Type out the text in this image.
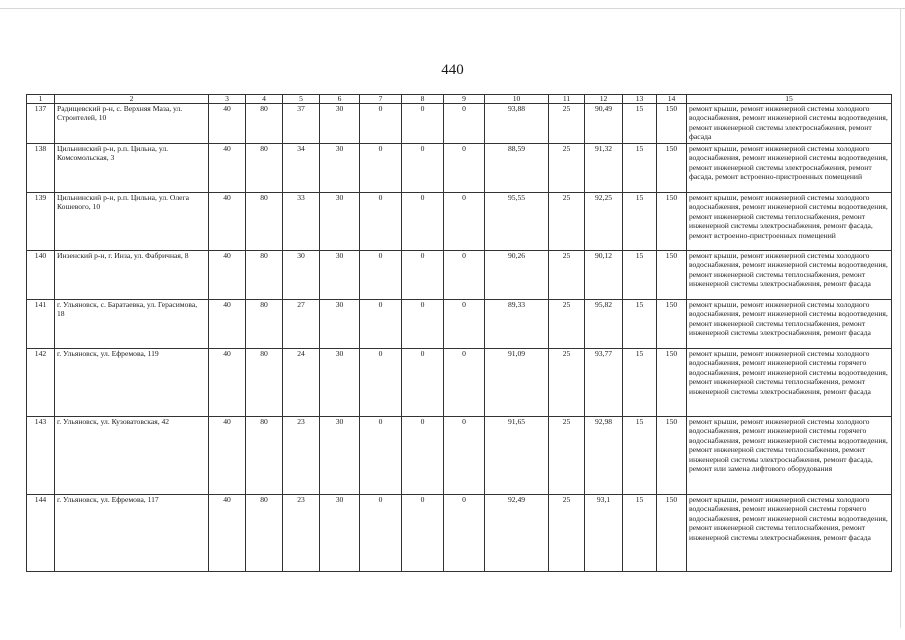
440
1	2	3	4	5	6	7	8	9	10	11	12	13	14	15
137	Радищевский р-н, с. Верхняя Маза, ул. Строителей, 10	40	80	37	30	0	0	0	93,88	25	90,49	15	150	ремонт крыши, ремонт инженерной системы холодного водоснабжения, ремонт инженерной системы водоотведения, ремонт инженерной системы электроснабжения, ремонт фасада
138	Цильнинский р-н, р.п. Цильна, ул. Комсомольская, 3	40	80	34	30	0	0	0	88,59	25	91,32	15	150	ремонт крыши, ремонт инженерной системы холодного водоснабжения, ремонт инженерной системы водоотведения, ремонт инженерной системы электроснабжения, ремонт фасада, ремонт встроенно-пристроенных помещений
139	Цильнинский р-н, р.п. Цильна, ул. Олега Кошевого, 10	40	80	33	30	0	0	0	95,55	25	92,25	15	150	ремонт крыши, ремонт инженерной системы холодного водоснабжения, ремонт инженерной системы водоотведения, ремонт инженерной системы теплоснабжения, ремонт инженерной системы электроснабжения, ремонт фасада, ремонт встроенно-пристроенных помещений
140	Инзенский р-н, г. Инза, ул. Фабричная, 8	40	80	30	30	0	0	0	90,26	25	90,12	15	150	ремонт крыши, ремонт инженерной системы холодного водоснабжения, ремонт инженерной системы водоотведения, ремонт инженерной системы теплоснабжения, ремонт инженерной системы электроснабжения, ремонт фасада
141	г. Ульяновск, с. Баратаевка, ул. Герасимова, 18	40	80	27	30	0	0	0	89,33	25	95,82	15	150	ремонт крыши, ремонт инженерной системы холодного водоснабжения, ремонт инженерной системы водоотведения, ремонт инженерной системы теплоснабжения, ремонт инженерной системы электроснабжения, ремонт фасада
142	г. Ульяновск, ул. Ефремова, 119	40	80	24	30	0	0	0	91,09	25	93,77	15	150	ремонт крыши, ремонт инженерной системы холодного водоснабжения, ремонт инженерной системы горячего водоснабжения, ремонт инженерной системы водоотведения, ремонт инженерной системы теплоснабжения, ремонт инженерной системы электроснабжения, ремонт фасада
143	г. Ульяновск, ул. Кузоватовская, 42	40	80	23	30	0	0	0	91,65	25	92,98	15	150	ремонт крыши, ремонт инженерной системы холодного водоснабжения, ремонт инженерной системы горячего водоснабжения, ремонт инженерной системы водоотведения, ремонт инженерной системы теплоснабжения, ремонт инженерной системы электроснабжения, ремонт фасада, ремонт или замена лифтового оборудования
144	г. Ульяновск, ул. Ефремова, 117	40	80	23	30	0	0	0	92,49	25	93,1	15	150	ремонт крыши, ремонт инженерной системы холодного водоснабжения, ремонт инженерной системы горячего водоснабжения, ремонт инженерной системы водоотведения, ремонт инженерной системы теплоснабжения, ремонт инженерной системы электроснабжения, ремонт фасада
